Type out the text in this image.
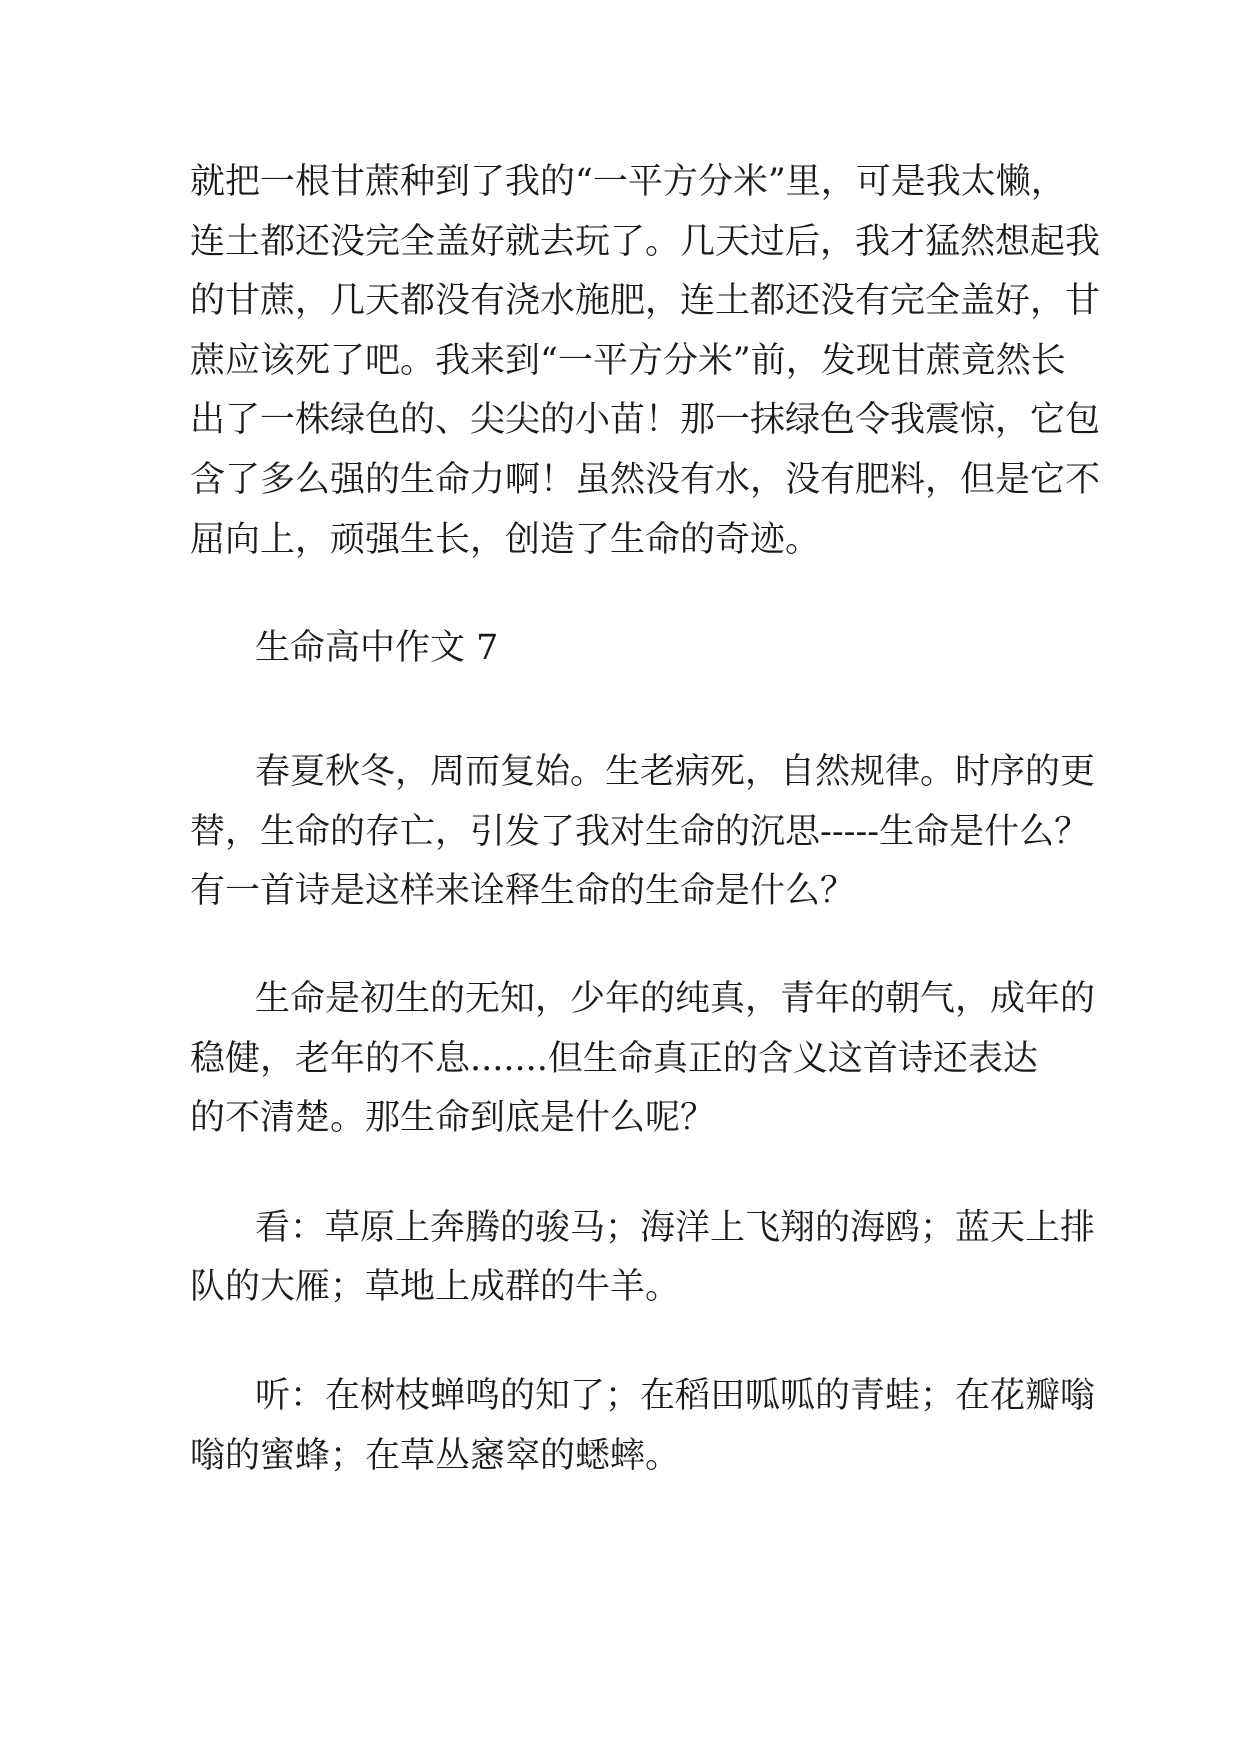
就把一根甘蔗种到了我的“一平方分米”里，可是我太懒，
连土都还没完全盖好就去玩了。几天过后，我才猛然想起我
的甘蔗，几天都没有浇水施肥，连土都还没有完全盖好，甘
蔗应该死了吧。我来到“一平方分米”前，发现甘蔗竟然长
出了一株绿色的、尖尖的小苗！那一抹绿色令我震惊，它包
含了多么强的生命力啊！虽然没有水，没有肥料，但是它不
屈向上，顽强生长，创造了生命的奇迹。
生命高中作文 7
春夏秋冬，周而复始。生老病死，自然规律。时序的更
替，生命的存亡，引发了我对生命的沉思-----生命是什么？
有一首诗是这样来诠释生命的生命是什么？
生命是初生的无知，少年的纯真，青年的朝气，成年的
稳健，老年的不息.......但生命真正的含义这首诗还表达
的不清楚。那生命到底是什么呢？
看：草原上奔腾的骏马；海洋上飞翔的海鸥；蓝天上排
队的大雁；草地上成群的牛羊。
听：在树枝蝉鸣的知了；在稻田呱呱的青蛙；在花瓣嗡
嗡的蜜蜂；在草丛窸窣的蟋蟀。
